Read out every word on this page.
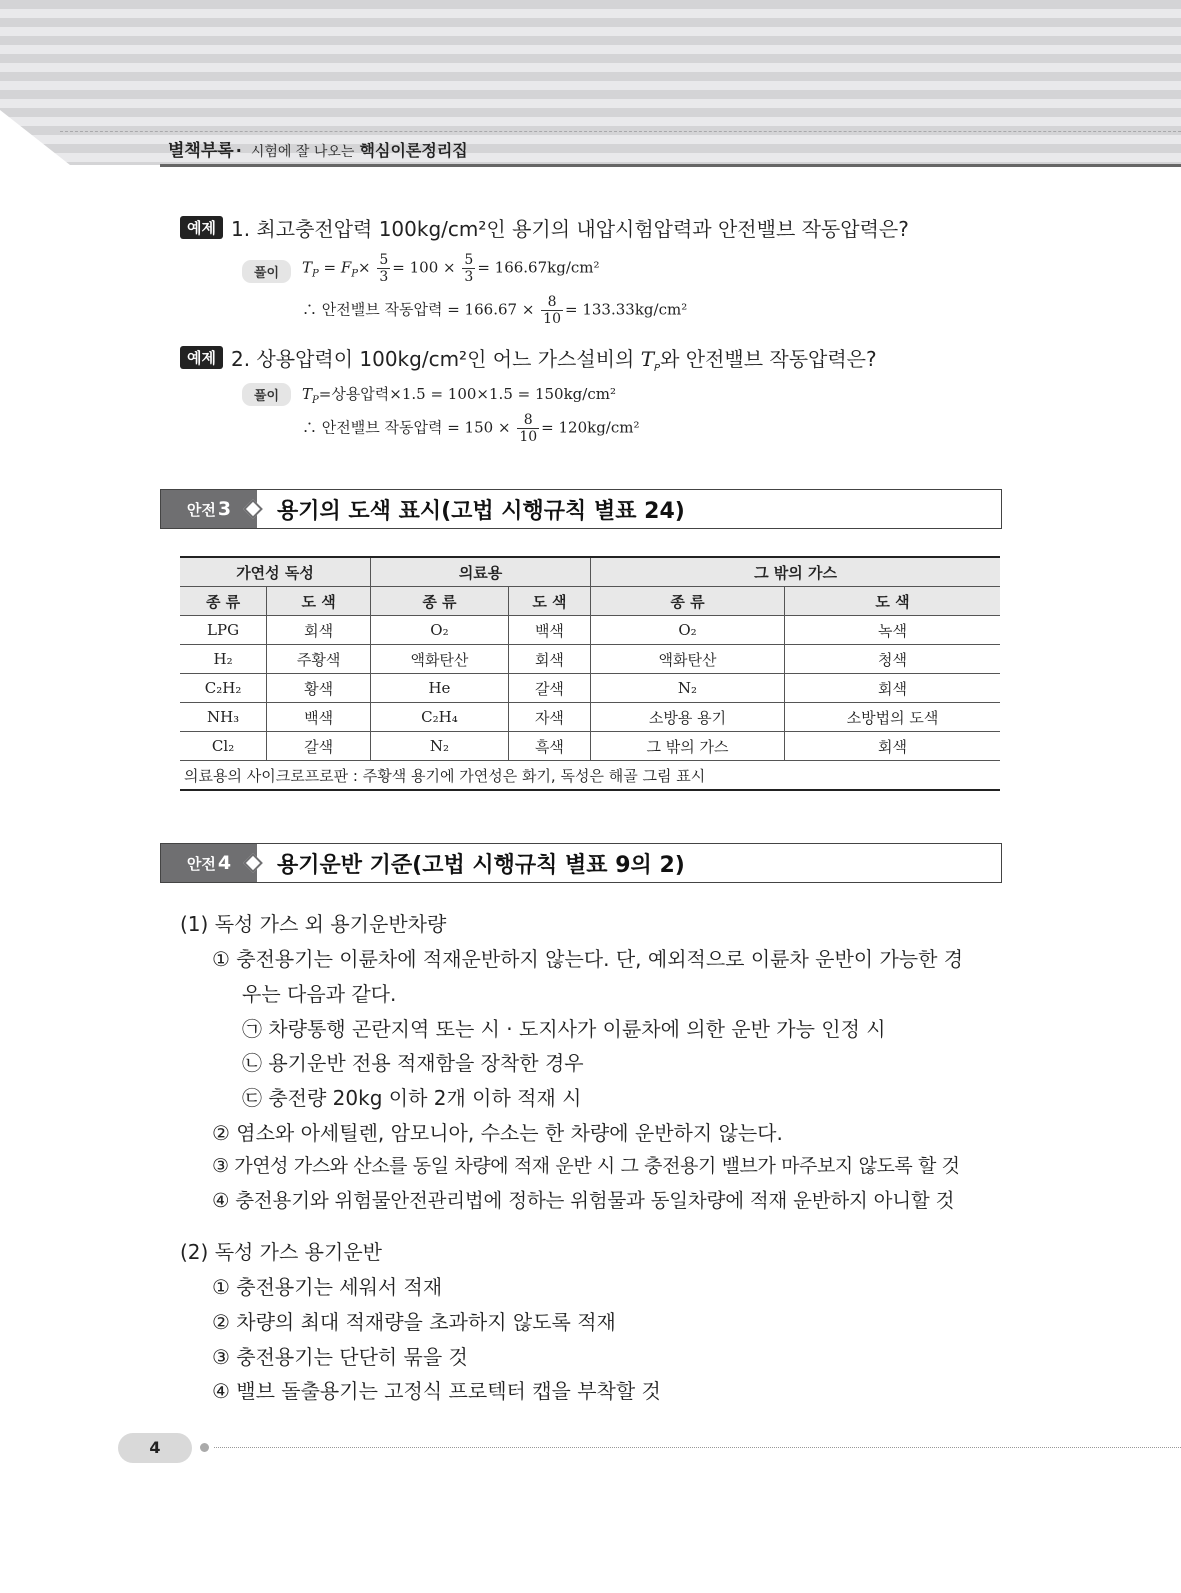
별책부록 · 시험에 잘 나오는 핵심이론정리집
예제 1. 최고충전압력 100kg/cm²인 용기의 내압시험압력과 안전밸브 작동압력은?
풀이	$T_P = F_P\times \frac{5}{3} = 100 \times \frac{5}{3} = 166.67kg/cm^2$
∴ 안전밸브 작동압력 = $166.67 \times \frac{8}{10} = 133.33kg/cm^2$
예제 2. 상용압력이 100kg/cm²인 어느 가스설비의 $T_P$와 안전밸브 작동압력은?
풀이	$T_P=$상용압력×1.5 = 100×1.5 = 150kg/cm²
∴ 안전밸브 작동압력 = $150 \times \frac{8}{10} = 120kg/cm^2$
안전 3	용기의 도색 표시(고법 시행규칙 별표 24)
가연성 독성		의료용		그 밖의 가스	
종 류	도 색	종 류	도 색	종 류	도 색
LPG	회색	O₂	백색	O₂	녹색
H₂	주황색	액화탄산	회색	액화탄산	청색
C₂H₂	황색	He	갈색	N₂	회색
NH₃	백색	C₂H₄	자색	소방용 용기	소방법의 도색
Cl₂	갈색	N₂	흑색	그 밖의 가스	회색
의료용의 사이크로프로판 : 주황색 용기에 가연성은 화기, 독성은 해골 그림 표시					
안전 4	용기운반 기준(고법 시행규칙 별표 9의 2)
(1) 독성 가스 외 용기운반차량
① 충전용기는 이륜차에 적재운반하지 않는다. 단, 예외적으로 이륜차 운반이 가능한 경
우는 다음과 같다.
㉠ 차량통행 곤란지역 또는 시 · 도지사가 이륜차에 의한 운반 가능 인정 시
㉡ 용기운반 전용 적재함을 장착한 경우
㉢ 충전량 20kg 이하 2개 이하 적재 시
② 염소와 아세틸렌, 암모니아, 수소는 한 차량에 운반하지 않는다.
③ 가연성 가스와 산소를 동일 차량에 적재 운반 시 그 충전용기 밸브가 마주보지 않도록 할 것
④ 충전용기와 위험물안전관리법에 정하는 위험물과 동일차량에 적재 운반하지 아니할 것
(2) 독성 가스 용기운반
① 충전용기는 세워서 적재
② 차량의 최대 적재량을 초과하지 않도록 적재
③ 충전용기는 단단히 묶을 것
④ 밸브 돌출용기는 고정식 프로텍터 캡을 부착할 것
4
